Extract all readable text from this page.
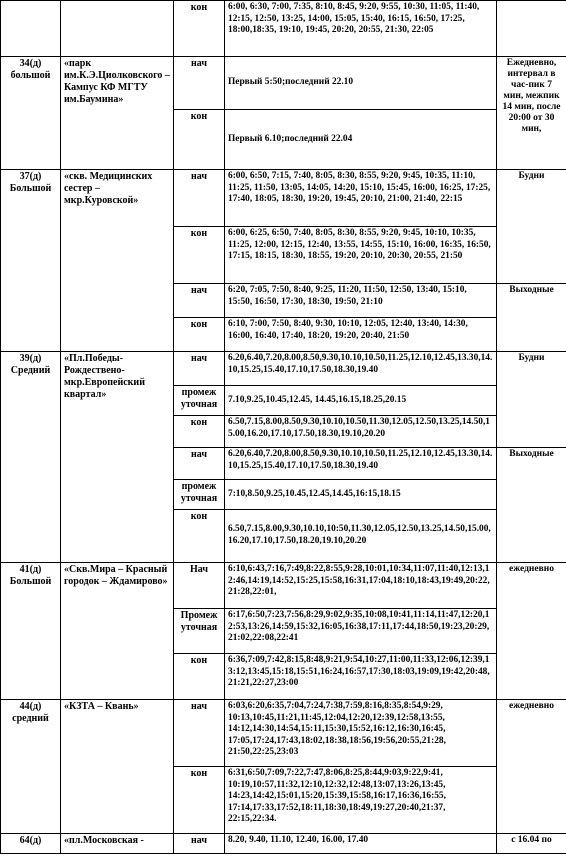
		кон	6:00, 6:30, 7:00, 7:35, 8:10, 8:45, 9:20, 9:55, 10:30, 11:05, 11:40, 12:15, 12:50, 13:25, 14:00, 15:05, 15:40, 16:15, 16:50, 17:25, 18:00,18:35, 19:10, 19:45, 20:20, 20:55, 21:30, 22:05	
34(д) большой	«парк им.К.Э.Циолковского – Кампус КФ МГТУ им.Баумина»	нач	Первый 5:50;последний 22.10	Ежедневно, интервал в час-пик 7 мин, межпик 14 мин, после 20:00 от 30 мин,
		кон	Первый 6.10;последний 22.04	
37(д) Большой	«скв. Медицинских сестер – мкр.Куровской»	нач	6:00, 6:50, 7:15, 7:40, 8:05, 8:30, 8:55, 9:20, 9:45, 10:35, 11:10, 11:25, 11:50, 13:05, 14:05, 14:20, 15:10, 15:45, 16:00, 16:25, 17:25, 17:40, 18:05, 18:30, 19:20, 19:45, 20:10, 21:00, 21:40, 22:15	Будни
		кон	6:00, 6:25, 6:50, 7:40, 8:05, 8:30, 8:55, 9:20, 9:45, 10:10, 10:35, 11:25, 12:00, 12:15, 12:40, 13:55, 14:55, 15:10, 16:00, 16:35, 16:50, 17:15, 18:15, 18:30, 18:55, 19:20, 20:10, 20:30, 20:55, 21:50	
		нач	6:20, 7:05, 7:50, 8:40, 9:25, 11:20, 11:50, 12:50, 13:40, 15:10, 15:50, 16:50, 17:30, 18:30, 19:50, 21:10	Выходные
		кон	6:10, 7:00, 7:50, 8:40, 9:30, 10:10, 12:05, 12:40, 13:40, 14:30, 16:00, 16:40, 17:40, 18:20, 19:20, 20:40, 21:50	
39(д) Средний	«Пл.Победы- Рождествено- мкр.Европейский квартал»	нач	6.20,6.40,7.20,8.00,8.50,9.30,10.10,10.50,11.25,12.10,12.45,13.30,14.10,15.25,15.40,17.10,17.50,18.30,19.40	Будни
		промеж уточная	7.10,9.25,10.45,12.45, 14.45,16.15,18.25,20.15	
		кон	6.50,7.15,8.00,8.50,9.30,10.10,10.50,11.30,12.05,12.50,13.25,14.50,15.00,16.20,17.10,17.50,18.30,19.10,20.20	
		нач	6.20,6.40,7.20,8.00,8.50,9.30,10.10,10.50,11.25,12.10,12.45,13.30,14.10,15.25,15.40,17.10,17.50,18.30,19.40	Выходные
		промеж уточная	7:10,8.50,9.25,10.45,12.45,14.45,16:15,18.15	
		кон	6.50,7.15,8.00,9.30,10.10,10:50,11.30,12.05,12.50,13.25,14.50,15.00, 16.20,17.10,17.50,18.20,19.10,20.20	
41(д) Большой	«Скв.Мира – Красный городок – Ждамирово»	Нач	6:10,6:43,7:16,7:49,8:22,8:55,9:28,10:01,10:34,11:07,11:40,12:13,12:46,14:19,14:52,15:25,15:58,16:31,17:04,18:10,18:43,19:49,20:22,21:28,22:01,	ежедневно
		Промеж уточная	6:17,6:50,7:23,7:56,8:29,9:02,9:35,10:08,10:41,11:14,11:47,12:20,12:53,13:26,14:59,15:32,16:05,16:38,17:11,17:44,18:50,19:23,20:29,21:02,22:08,22:41	
		кон	6:36,7:09,7:42,8:15,8:48,9:21,9:54,10:27,11:00,11:33,12:06,12:39,13:12,13:45,15:18,15:51,16:24,16:57,17:30,18:03,19:09,19:42,20:48,21:21,22:27,23:00	
44(д) средний	«КЗТА – Квань»	нач	6:03,6:20,6:35,7:04,7:24,7:38,7:59,8:16,8:35,8:54,9:29, 10:13,10:45,11:21,11:45,12:04,12:20,12:39,12:58,13:55, 14:12,14:30,14:54,15:11,15:30,15:52,16:12,16:30,16:45, 17:05,17:24,17:43,18:02,18:38,18:56,19:56,20:55,21:28, 21:50,22:25,23:03	ежедневно
		кон	6:31,6:50,7:09,7:22,7:47,8:06,8:25,8:44,9:03,9:22,9:41, 10:19,10:57,11:32,12:10,12:32,12:48,13:07,13:26,13:45, 14:23,14:42,15:01,15:20,15:39,15:58,16:17,16:36,16:55, 17:14,17:33,17:52,18:11,18:30,18:49,19:27,20:40,21:37, 22:15,22:34.	
64(д)	«пл.Московская -	нач	8.20, 9.40, 11.10, 12.40, 16.00, 17.40	с 16.04 по
